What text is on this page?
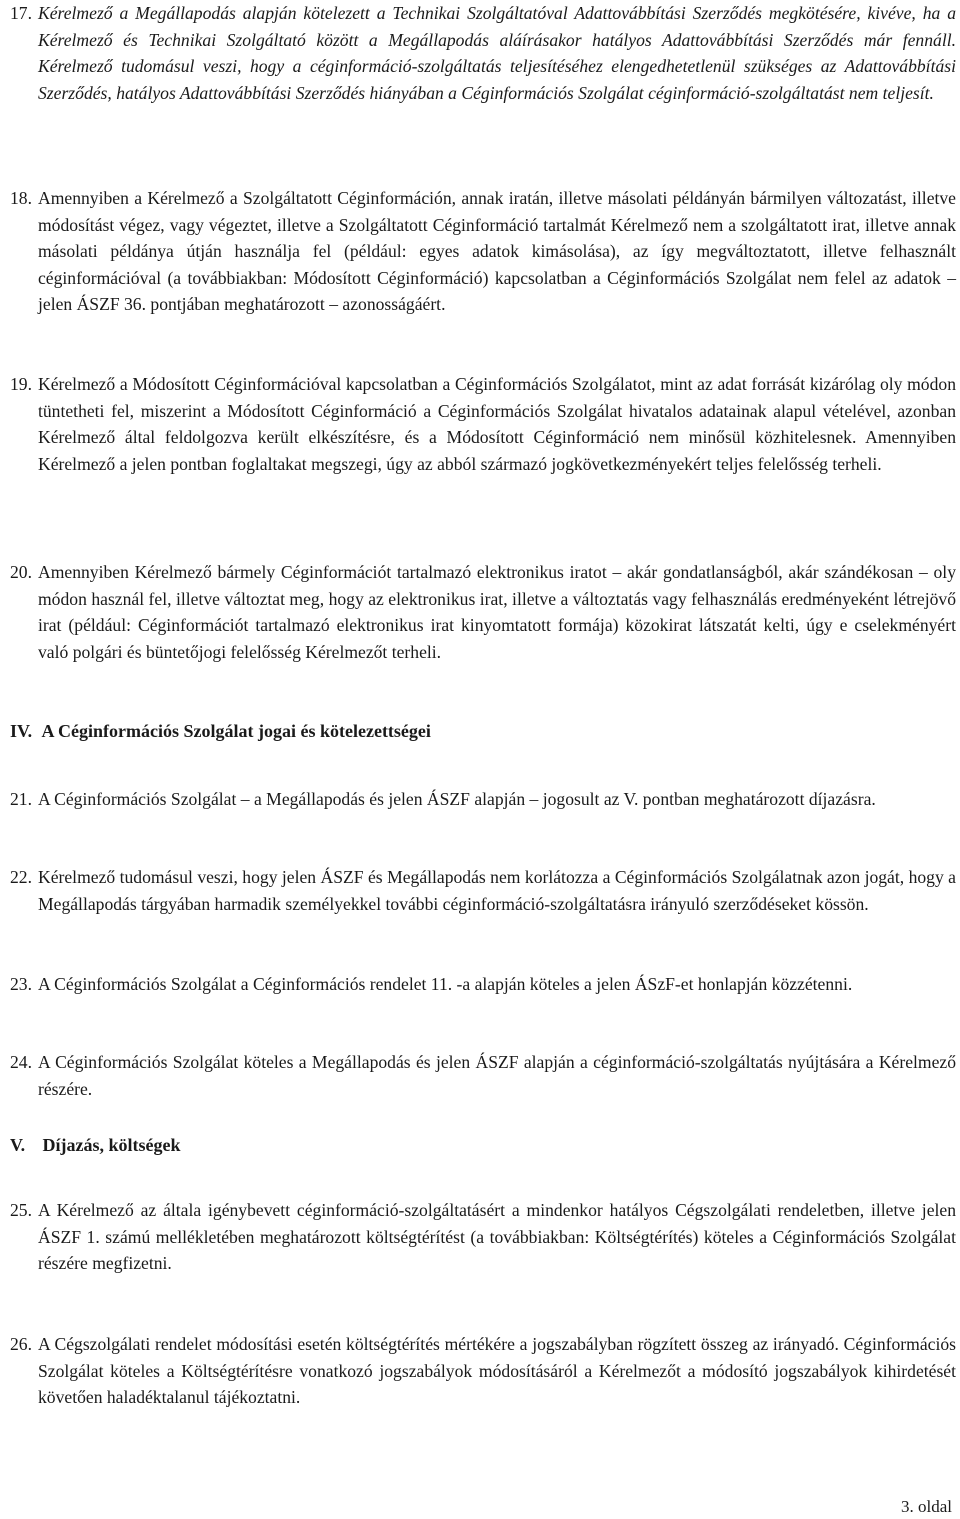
17. Kérelmező a Megállapodás alapján kötelezett a Technikai Szolgáltatóval Adattovábbítási Szerződés megkötésére, kivéve, ha a Kérelmező és Technikai Szolgáltató között a Megállapodás aláírásakor hatályos Adattovábbítási Szerződés már fennáll. Kérelmező tudomásul veszi, hogy a céginformáció-szolgáltatás teljesítéséhez elengedhetetlenül szükséges az Adattovábbítási Szerződés, hatályos Adattovábbítási Szerződés hiányában a Céginformációs Szolgálat céginformáció-szolgáltatást nem teljesít.
18. Amennyiben a Kérelmező a Szolgáltatott Céginformáción, annak iratán, illetve másolati példányán bármilyen változatást, illetve módosítást végez, vagy végeztet, illetve a Szolgáltatott Céginformáció tartalmát Kérelmező nem a szolgáltatott irat, illetve annak másolati példánya útján használja fel (például: egyes adatok kimásolása), az így megváltoztatott, illetve felhasznált céginformációval (a továbbiakban: Módosított Céginformáció) kapcsolatban a Céginformációs Szolgálat nem felel az adatok – jelen ÁSZF 36. pontjában meghatározott – azonosságáért.
19. Kérelmező a Módosított Céginformációval kapcsolatban a Céginformációs Szolgálatot, mint az adat forrását kizárólag oly módon tüntetheti fel, miszerint a Módosított Céginformáció a Céginformációs Szolgálat hivatalos adatainak alapul vételével, azonban Kérelmező által feldolgozva került elkészítésre, és a Módosított Céginformáció nem minősül közhitelesnek. Amennyiben Kérelmező a jelen pontban foglaltakat megszegi, úgy az abból származó jogkövetkezményekért teljes felelősség terheli.
20. Amennyiben Kérelmező bármely Céginformációt tartalmazó elektronikus iratot – akár gondatlanságból, akár szándékosan – oly módon használ fel, illetve változtat meg, hogy az elektronikus irat, illetve a változtatás vagy felhasználás eredményeként létrejövő irat (például: Céginformációt tartalmazó elektronikus irat kinyomtatott formája) közokirat látszatát kelti, úgy e cselekményért való polgári és büntetőjogi felelősség Kérelmezőt terheli.
IV. A Céginformációs Szolgálat jogai és kötelezettségei
21. A Céginformációs Szolgálat – a Megállapodás és jelen ÁSZF alapján – jogosult az V. pontban meghatározott díjazásra.
22. Kérelmező tudomásul veszi, hogy jelen ÁSZF és Megállapodás nem korlátozza a Céginformációs Szolgálatnak azon jogát, hogy a Megállapodás tárgyában harmadik személyekkel további céginformáció-szolgáltatásra irányuló szerződéseket kössön.
23. A Céginformációs Szolgálat a Céginformációs rendelet 11. -a alapján köteles a jelen ÁSzF-et honlapján közzétenni.
24. A Céginformációs Szolgálat köteles a Megállapodás és jelen ÁSZF alapján a céginformáció-szolgáltatás nyújtására a Kérelmező részére.
V. Díjazás, költségek
25. A Kérelmező az általa igénybevett céginformáció-szolgáltatásért a mindenkor hatályos Cégszolgálati rendeletben, illetve jelen ÁSZF 1. számú mellékletében meghatározott költségtérítést (a továbbiakban: Költségtérítés) köteles a Céginformációs Szolgálat részére megfizetni.
26. A Cégszolgálati rendelet módosítási esetén költségtérítés mértékére a jogszabályban rögzített összeg az irányadó. Céginformációs Szolgálat köteles a Költségtérítésre vonatkozó jogszabályok módosításáról a Kérelmezőt a módosító jogszabályok kihirdetését követően haladéktalanul tájékoztatni.
3. oldal
